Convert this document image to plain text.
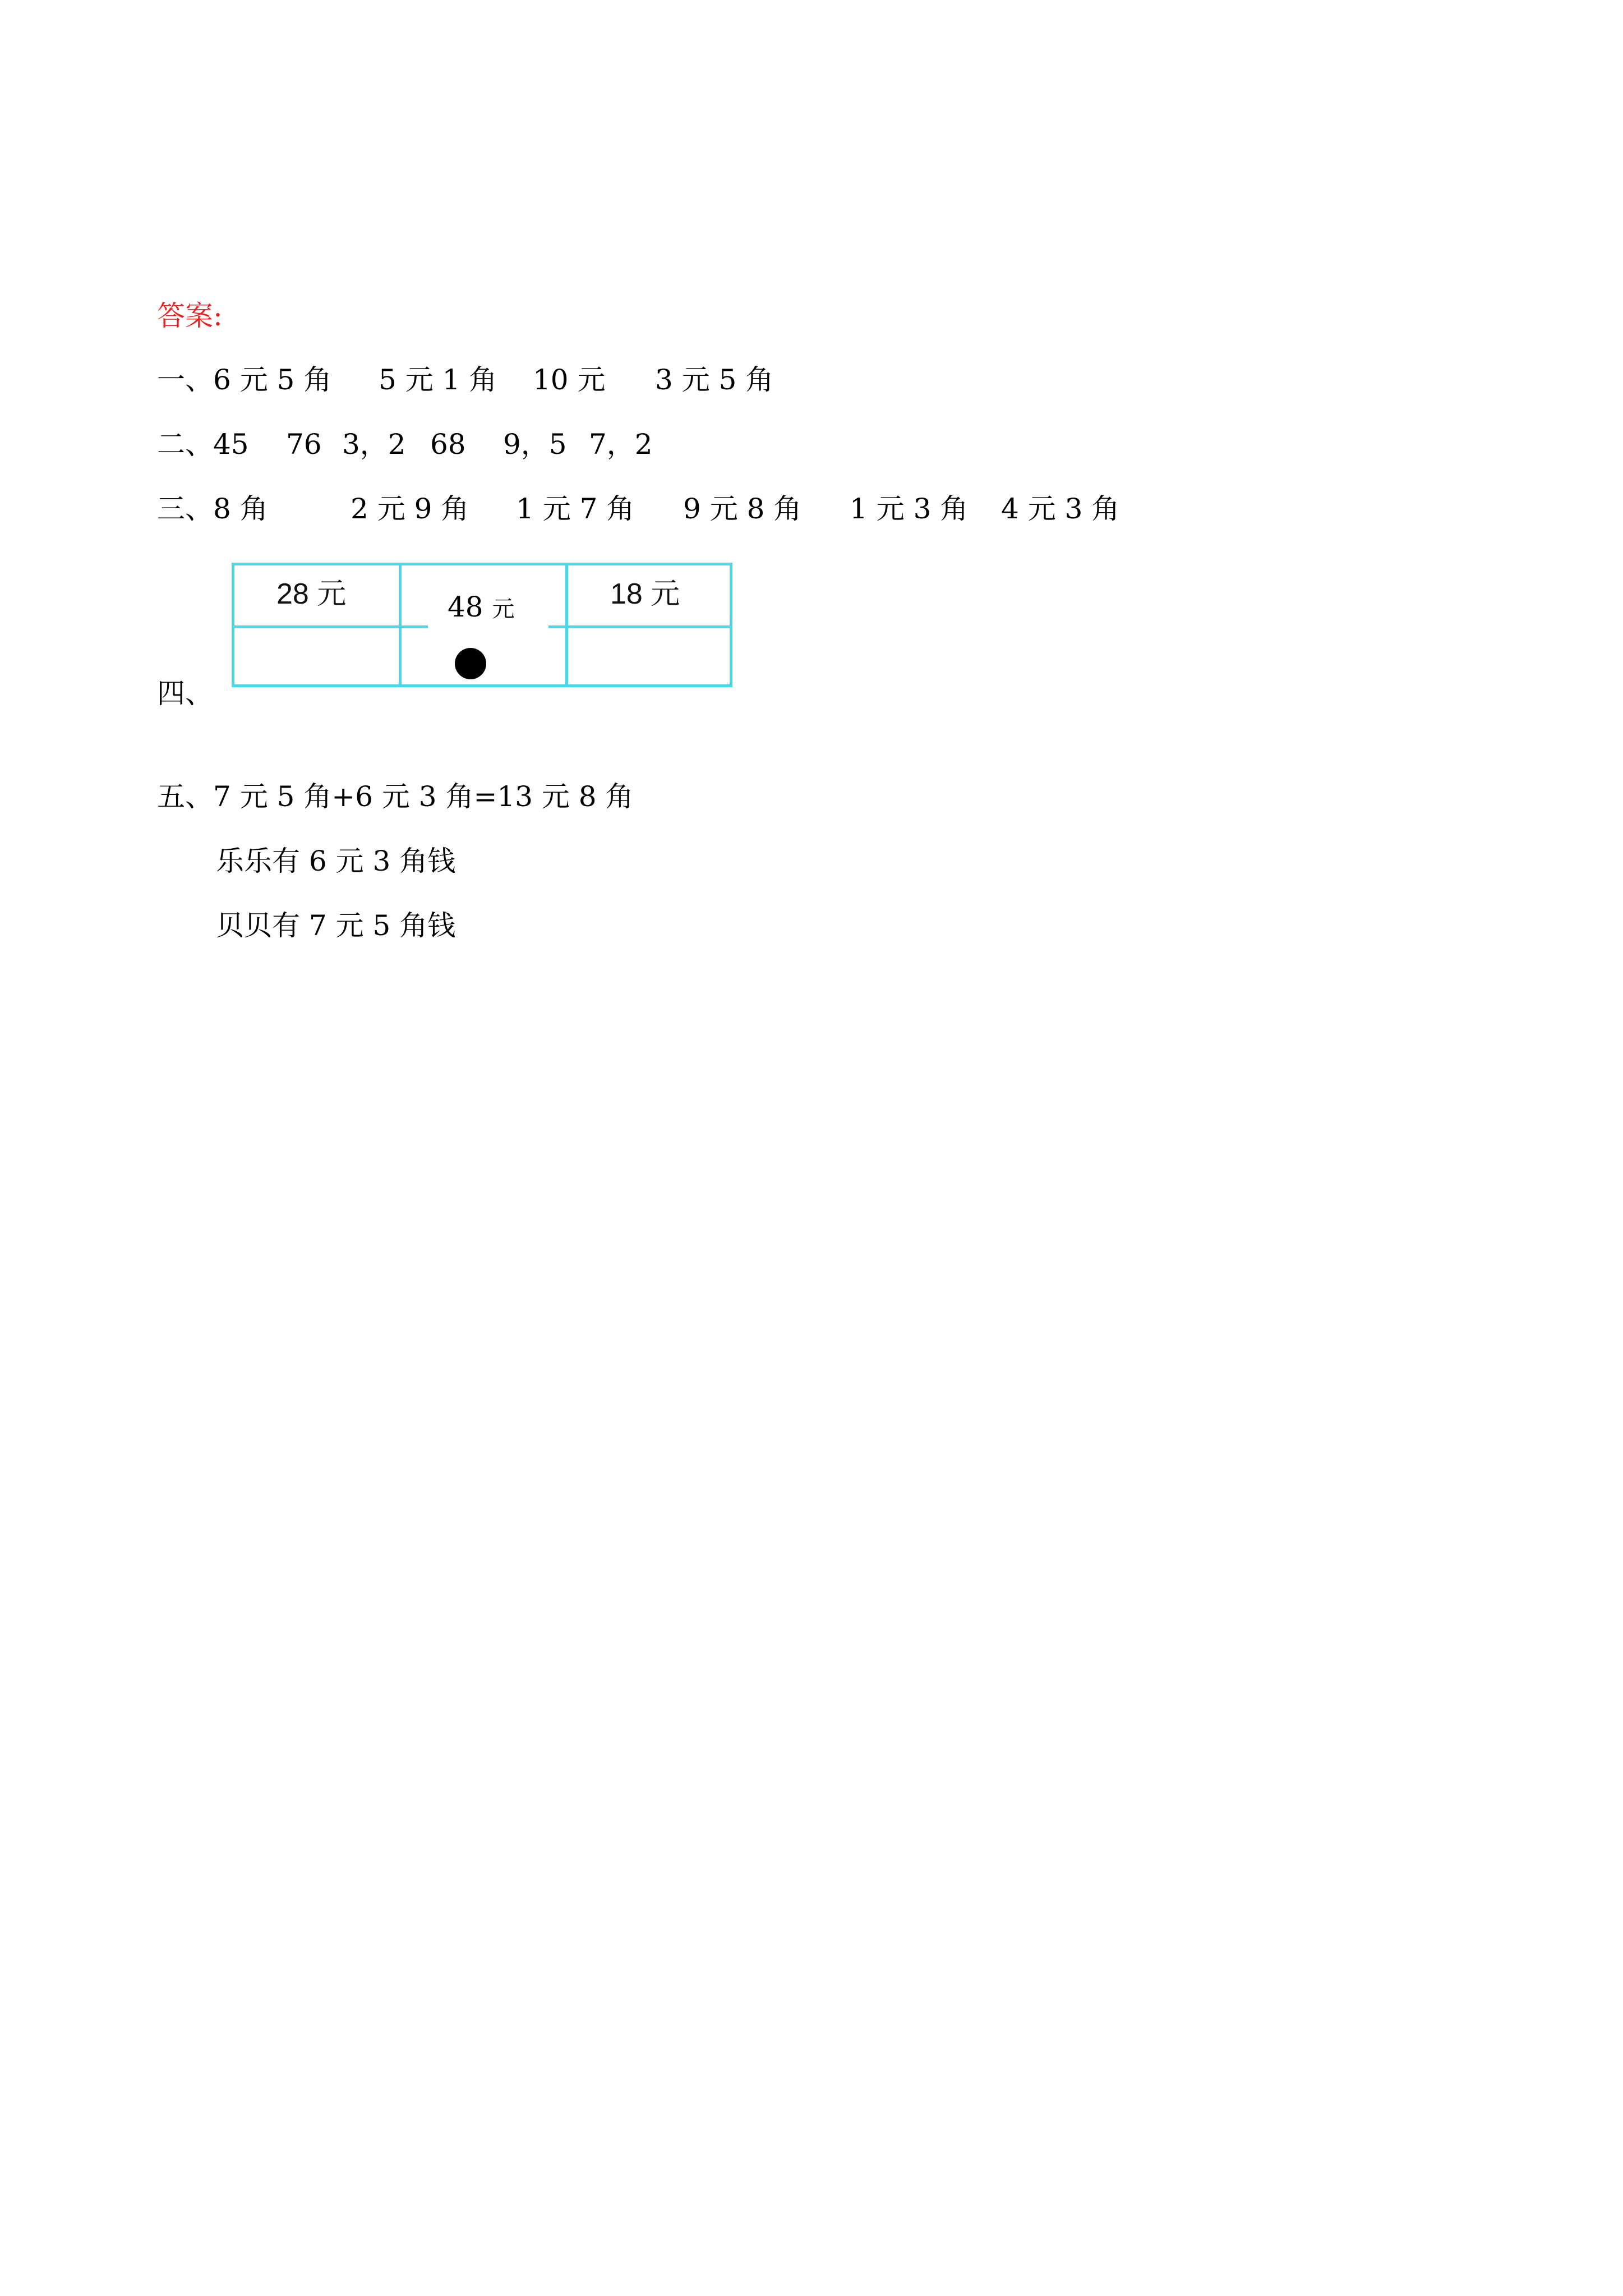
答案:

一、

6 元 5 角

5 元 1 角

10 元

3 元 5 角

二、

45

76

3，2

68

9，5

7，2

三、

8 角

	2 元 9 角

1 元 7 角

9 元 8 角

1 元 3 角

4 元 3 角

四、
28 元	18 元
48 元

五、

7 元 5 角+6 元 3 角=13 元 8 角

乐乐有 6 元 3 角钱
贝贝有 7 元 5 角钱
